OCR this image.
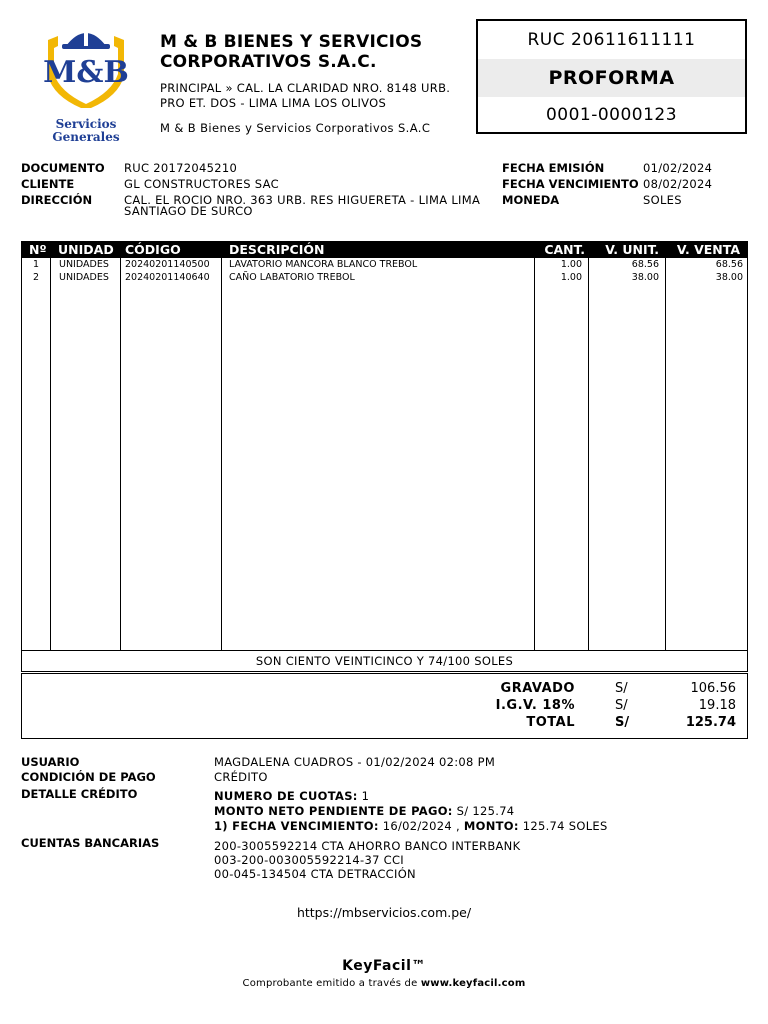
M&B
Servicios
Generales
M & B BIENES Y SERVICIOS CORPORATIVOS S.A.C.
PRINCIPAL » CAL. LA CLARIDAD NRO. 8148 URB. PRO ET. DOS - LIMA LIMA LOS OLIVOS
M & B Bienes y Servicios Corporativos S.A.C
RUC 20611611111
PROFORMA
0001-0000123
DOCUMENTO	RUC 20172045210
CLIENTE	GL CONSTRUCTORES SAC
DIRECCIÓN	CAL. EL ROCIO NRO. 363 URB. RES HIGUERETA - LIMA LIMA SANTIAGO DE SURCO
FECHA EMISIÓN	01/02/2024
FECHA VENCIMIENTO 08/02/2024
MONEDA	SOLES
Nº UNIDAD CÓDIGO	DESCRIPCIÓN	CANT.	V. UNIT.	V. VENTA
1	UNIDADES	20240201140500	LAVATORIO MANCORA BLANCO TREBOL	1.00	68.56	68.56
2	UNIDADES	20240201140640	CAÑO LABATORIO TREBOL	1.00	38.00	38.00
SON CIENTO VEINTICINCO Y 74/100 SOLES
GRAVADO	S/	106.56
I.G.V. 18%	S/	19.18
TOTAL	S/	125.74
USUARIO	MAGDALENA CUADROS - 01/02/2024 02:08 PM
CONDICIÓN DE PAGO	CRÉDITO
DETALLE CRÉDITO	NUMERO DE CUOTAS: 1
MONTO NETO PENDIENTE DE PAGO: S/ 125.74
1) FECHA VENCIMIENTO: 16/02/2024 , MONTO: 125.74 SOLES
CUENTAS BANCARIAS	200-3005592214 CTA AHORRO BANCO INTERBANK
003-200-003005592214-37 CCI
00-045-134504 CTA DETRACCIÓN
https://mbservicios.com.pe/
KeyFacil™
Comprobante emitido a través de www.keyfacil.com
